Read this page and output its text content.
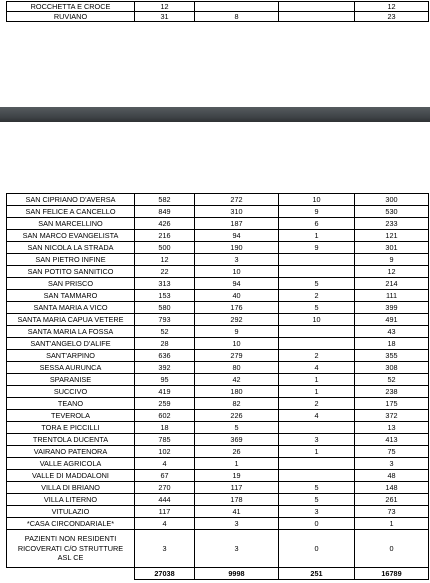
ROCCHETTA E CROCE	12			12
RUVIANO	31	8		23
SAN CIPRIANO D'AVERSA	582	272	10	300
SAN FELICE A CANCELLO	849	310	9	530
SAN MARCELLINO	426	187	6	233
SAN MARCO EVANGELISTA	216	94	1	121
SAN NICOLA LA STRADA	500	190	9	301
SAN PIETRO INFINE	12	3		9
SAN POTITO SANNITICO	22	10		12
SAN PRISCO	313	94	5	214
SAN TAMMARO	153	40	2	111
SANTA MARIA A VICO	580	176	5	399
SANTA MARIA CAPUA VETERE	793	292	10	491
SANTA MARIA LA FOSSA	52	9		43
SANT'ANGELO D'ALIFE	28	10		18
SANT'ARPINO	636	279	2	355
SESSA AURUNCA	392	80	4	308
SPARANISE	95	42	1	52
SUCCIVO	419	180	1	238
TEANO	259	82	2	175
TEVEROLA	602	226	4	372
TORA E PICCILLI	18	5		13
TRENTOLA DUCENTA	785	369	3	413
VAIRANO PATENORA	102	26	1	75
VALLE AGRICOLA	4	1		3
VALLE DI MADDALONI	67	19		48
VILLA DI BRIANO	270	117	5	148
VILLA LITERNO	444	178	5	261
VITULAZIO	117	41	3	73
*CASA CIRCONDARIALE*	4	3	0	1
PAZIENTI NON RESIDENTI RICOVERATI C/O STRUTTURE ASL CE	3	3	0	0
	27038	9998	251	16789
